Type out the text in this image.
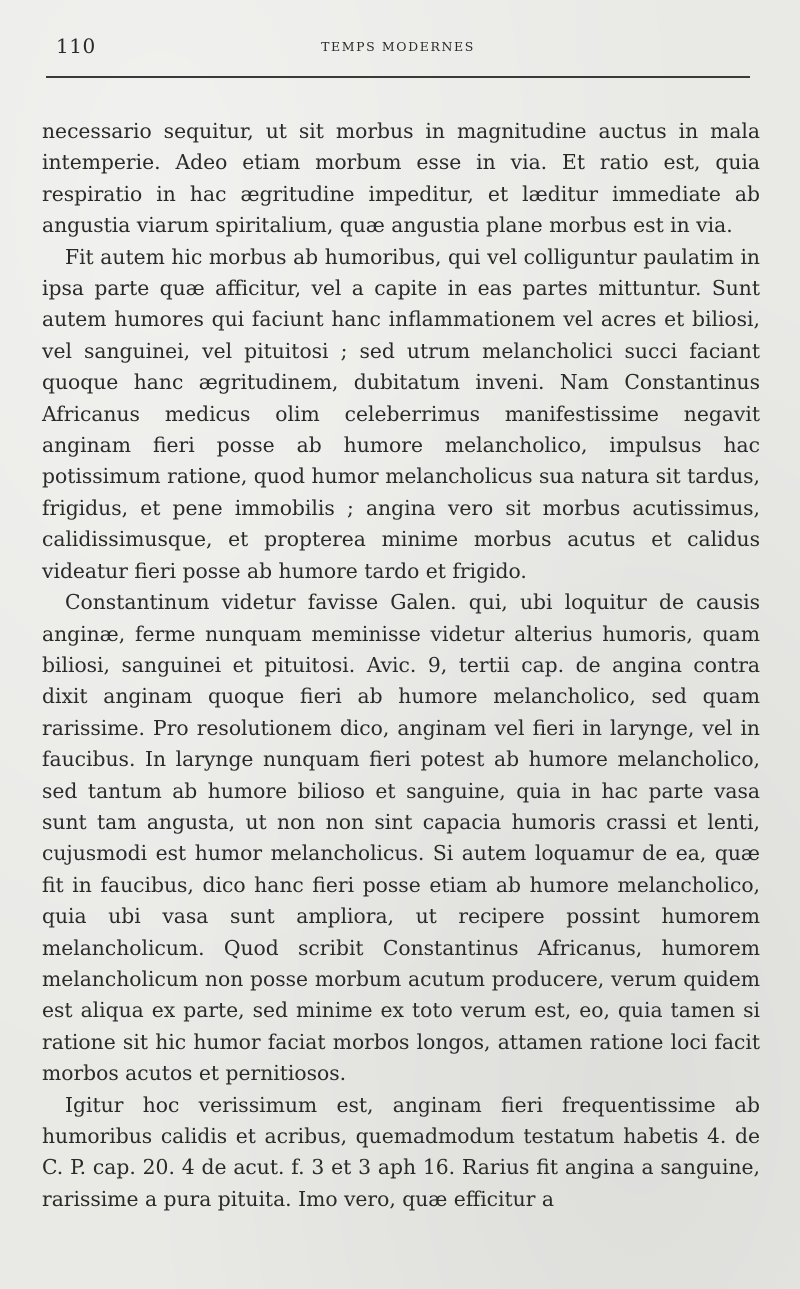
110	TEMPS MODERNES

necessario sequitur, ut sit morbus in magnitudine auctus in mala intemperie. Adeo etiam morbum esse in via. Et ratio est, quia respiratio in hac ægritudine impeditur, et læditur immediate ab angustia viarum spiritalium, quæ angustia plane morbus est in via.

Fit autem hic morbus ab humoribus, qui vel colliguntur paulatim in ipsa parte quæ afficitur, vel a capite in eas partes mittuntur. Sunt autem humores qui faciunt hanc inflammationem vel acres et biliosi, vel sanguinei, vel pituitosi ; sed utrum melancholici succi faciant quoque hanc ægritudinem, dubitatum inveni. Nam Constantinus Africanus medicus olim celeberrimus manifestissime negavit anginam fieri posse ab humore melancholico, impulsus hac potissimum ratione, quod humor melancholicus sua natura sit tardus, frigidus, et pene immobilis ; angina vero sit morbus acutissimus, calidissimusque, et propterea minime morbus acutus et calidus videatur fieri posse ab humore tardo et frigido.

Constantinum videtur favisse Galen. qui, ubi loquitur de causis anginæ, ferme nunquam meminisse videtur alterius humoris, quam biliosi, sanguinei et pituitosi. Avic. 9, tertii cap. de angina contra dixit anginam quoque fieri ab humore melancholico, sed quam rarissime. Pro resolutionem dico, anginam vel fieri in larynge, vel in faucibus. In larynge nunquam fieri potest ab humore melancholico, sed tantum ab humore bilioso et sanguine, quia in hac parte vasa sunt tam angusta, ut non non sint capacia humoris crassi et lenti, cujusmodi est humor melancholicus. Si autem loquamur de ea, quæ fit in faucibus, dico hanc fieri posse etiam ab humore melancholico, quia ubi vasa sunt ampliora, ut recipere possint humorem melancholicum. Quod scribit Constantinus Africanus, humorem melancholicum non posse morbum acutum producere, verum quidem est aliqua ex parte, sed minime ex toto verum est, eo, quia tamen si ratione sit hic humor faciat morbos longos, attamen ratione loci facit morbos acutos et pernitiosos.

Igitur hoc verissimum est, anginam fieri frequentissime ab humoribus calidis et acribus, quemadmodum testatum habetis 4. de C. P. cap. 20. 4 de acut. f. 3 et 3 aph 16. Rarius fit angina a sanguine, rarissime a pura pituita. Imo vero, quæ efficitur a
